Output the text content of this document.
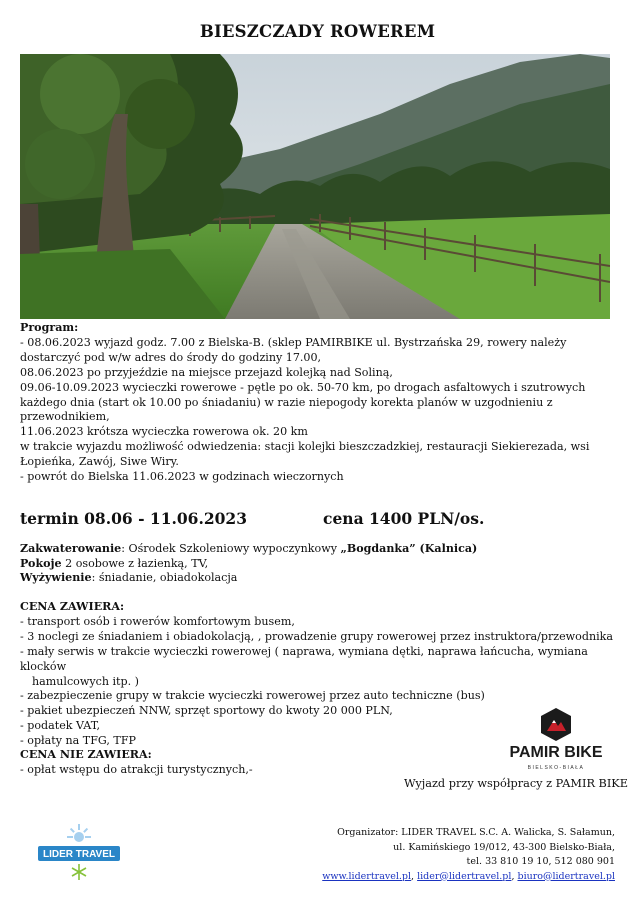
BIESZCZADY ROWEREM

Program:

- 08.06.2023 wyjazd godz. 7.00 z Bielska-B. (sklep PAMIRBIKE ul. Bystrzańska 29, rowery należy dostarczyć pod w/w adres do środy do godziny 17.00,

08.06.2023 po przyjeździe na miejsce przejazd kolejką nad Soliną,

09.06-10.09.2023 wycieczki rowerowe - pętle po ok. 50-70 km, po drogach asfaltowych i szutrowych każdego dnia (start ok 10.00 po śniadaniu) w razie niepogody korekta planów w uzgodnieniu z przewodnikiem,

11.06.2023 krótsza wycieczka rowerowa ok. 20 km

w trakcie wyjazdu możliwość odwiedzenia: stacji kolejki bieszczadzkiej, restauracji Siekierezada, wsi Łopieńka, Zawój, Siwe Wiry.

- powrót do Bielska 11.06.2023 w godzinach wieczornych

termin 08.06 - 11.06.2023	cena 1400 PLN/os.
Zakwaterowanie: Ośrodek Szkoleniowy wypoczynkowy „Bogdanka” (Kalnica)
Pokoje 2 osobowe z łazienką, TV,
Wyżywienie: śniadanie, obiadokolacja

CENA ZAWIERA:

- transport osób i rowerów komfortowym busem,

- 3 noclegi ze śniadaniem i obiadokolacją, , prowadzenie grupy rowerowej przez instruktora/przewodnika

- mały serwis w trakcie wycieczki rowerowej ( naprawa, wymiana dętki, naprawa łańcucha, wymiana klocków

hamulcowych itp. )

- zabezpieczenie grupy w trakcie wycieczki rowerowej przez auto techniczne (bus)

- pakiet ubezpieczeń NNW, sprzęt sportowy do kwoty 20 000 PLN,

- podatek VAT,

- opłaty na TFG, TFP

CENA NIE ZAWIERA:
- opłat wstępu do atrakcji turystycznych,-
PAMIR BIKE
BIELSKO-BIAŁA
Wyjazd przy współpracy z PAMIR BIKE
LIDER TRAVEL
Organizator: LIDER TRAVEL S.C. A. Walicka, S. Sałamun,
ul. Kamińskiego 19/012, 43-300 Bielsko-Biała,
tel. 33 810 19 10, 512 080 901
www.lidertravel.pl, lider@lidertravel.pl, biuro@lidertravel.pl
